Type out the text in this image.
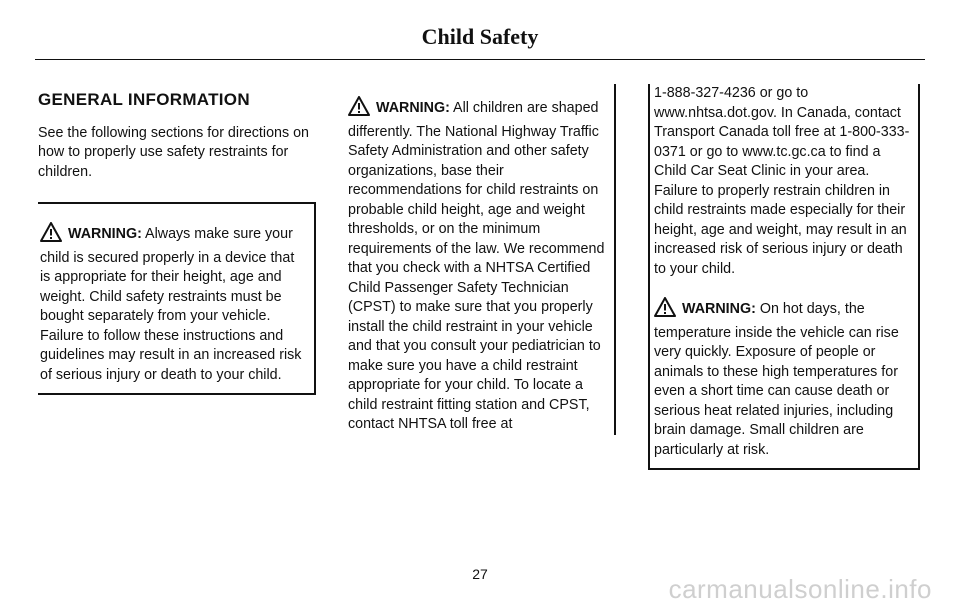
Child Safety
GENERAL INFORMATION

See the following sections for directions on how to properly use safety restraints for children.

WARNING: Always make sure your child is secured properly in a device that is appropriate for their height, age and weight. Child safety restraints must be bought separately from your vehicle. Failure to follow these instructions and guidelines may result in an increased risk of serious injury or death to your child.
WARNING: All children are shaped differently. The National Highway Traffic Safety Administration and other safety organizations, base their recommendations for child restraints on probable child height, age and weight thresholds, or on the minimum requirements of the law. We recommend that you check with a NHTSA Certified Child Passenger Safety Technician (CPST) to make sure that you properly install the child restraint in your vehicle and that you consult your pediatrician to make sure you have a child restraint appropriate for your child. To locate a child restraint fitting station and CPST, contact NHTSA toll free at
1-888-327-4236 or go to www.nhtsa.dot.gov. In Canada, contact Transport Canada toll free at 1-800-333-0371 or go to www.tc.gc.ca to find a Child Car Seat Clinic in your area. Failure to properly restrain children in child restraints made especially for their height, age and weight, may result in an increased risk of serious injury or death to your child.
WARNING: On hot days, the temperature inside the vehicle can rise very quickly. Exposure of people or animals to these high temperatures for even a short time can cause death or serious heat related injuries, including brain damage. Small children are particularly at risk.
27	carmanualsonline.info
